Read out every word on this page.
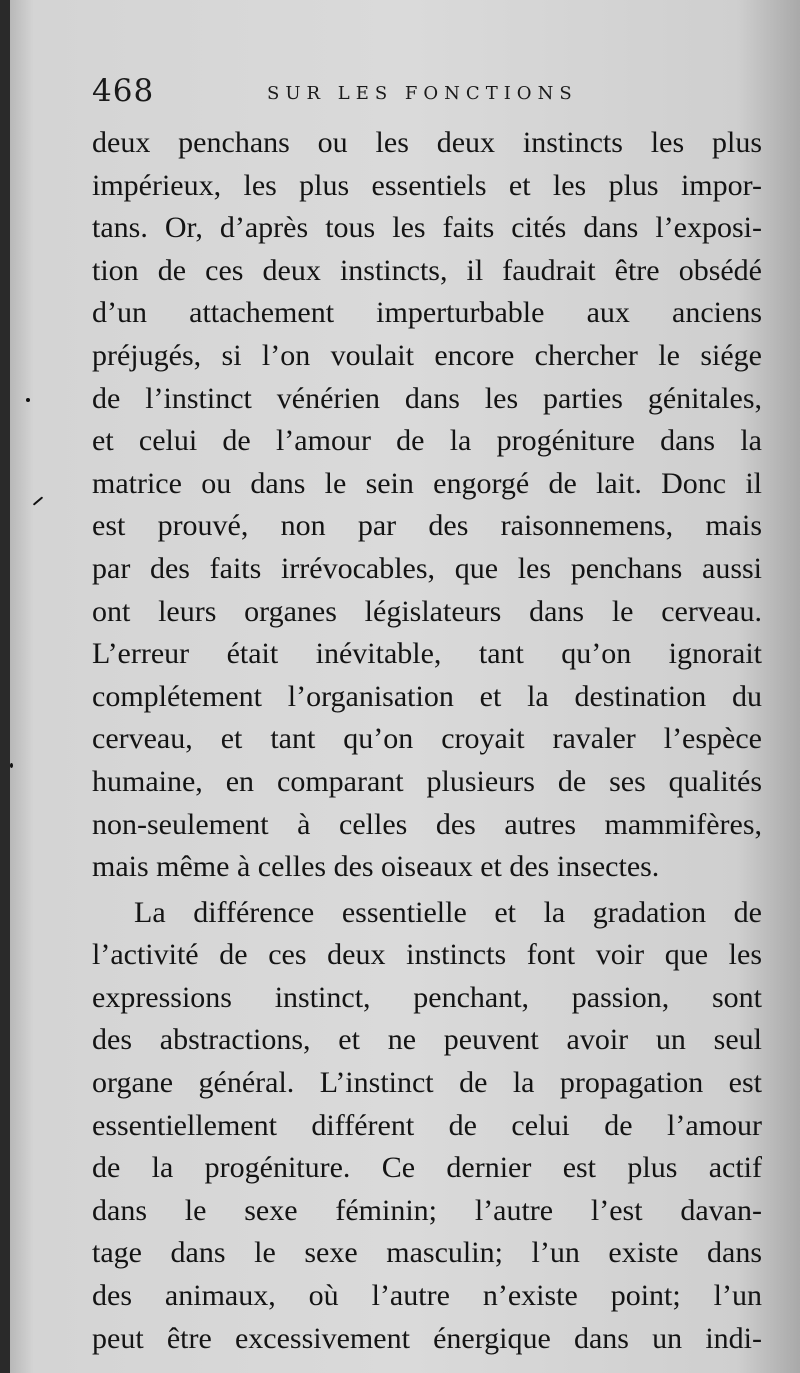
468	SUR LES FONCTIONS
deux penchans ou les deux instincts les plus
impérieux, les plus essentiels et les plus impor-
tans. Or, d’après tous les faits cités dans l’exposi-
tion de ces deux instincts, il faudrait être obsédé
d’un attachement imperturbable aux anciens
préjugés, si l’on voulait encore chercher le siége
de l’instinct vénérien dans les parties génitales,
et celui de l’amour de la progéniture dans la
matrice ou dans le sein engorgé de lait. Donc il
est prouvé, non par des raisonnemens, mais
par des faits irrévocables, que les penchans aussi
ont leurs organes législateurs dans le cerveau.
L’erreur était inévitable, tant qu’on ignorait
complétement l’organisation et la destination du
cerveau, et tant qu’on croyait ravaler l’espèce
humaine, en comparant plusieurs de ses qualités
non-seulement à celles des autres mammifères,
mais même à celles des oiseaux et des insectes.
La différence essentielle et la gradation de
l’activité de ces deux instincts font voir que les
expressions instinct, penchant, passion, sont
des abstractions, et ne peuvent avoir un seul
organe général. L’instinct de la propagation est
essentiellement différent de celui de l’amour
de la progéniture. Ce dernier est plus actif
dans le sexe féminin; l’autre l’est davan-
tage dans le sexe masculin; l’un existe dans
des animaux, où l’autre n’existe point; l’un
peut être excessivement énergique dans un indi-
